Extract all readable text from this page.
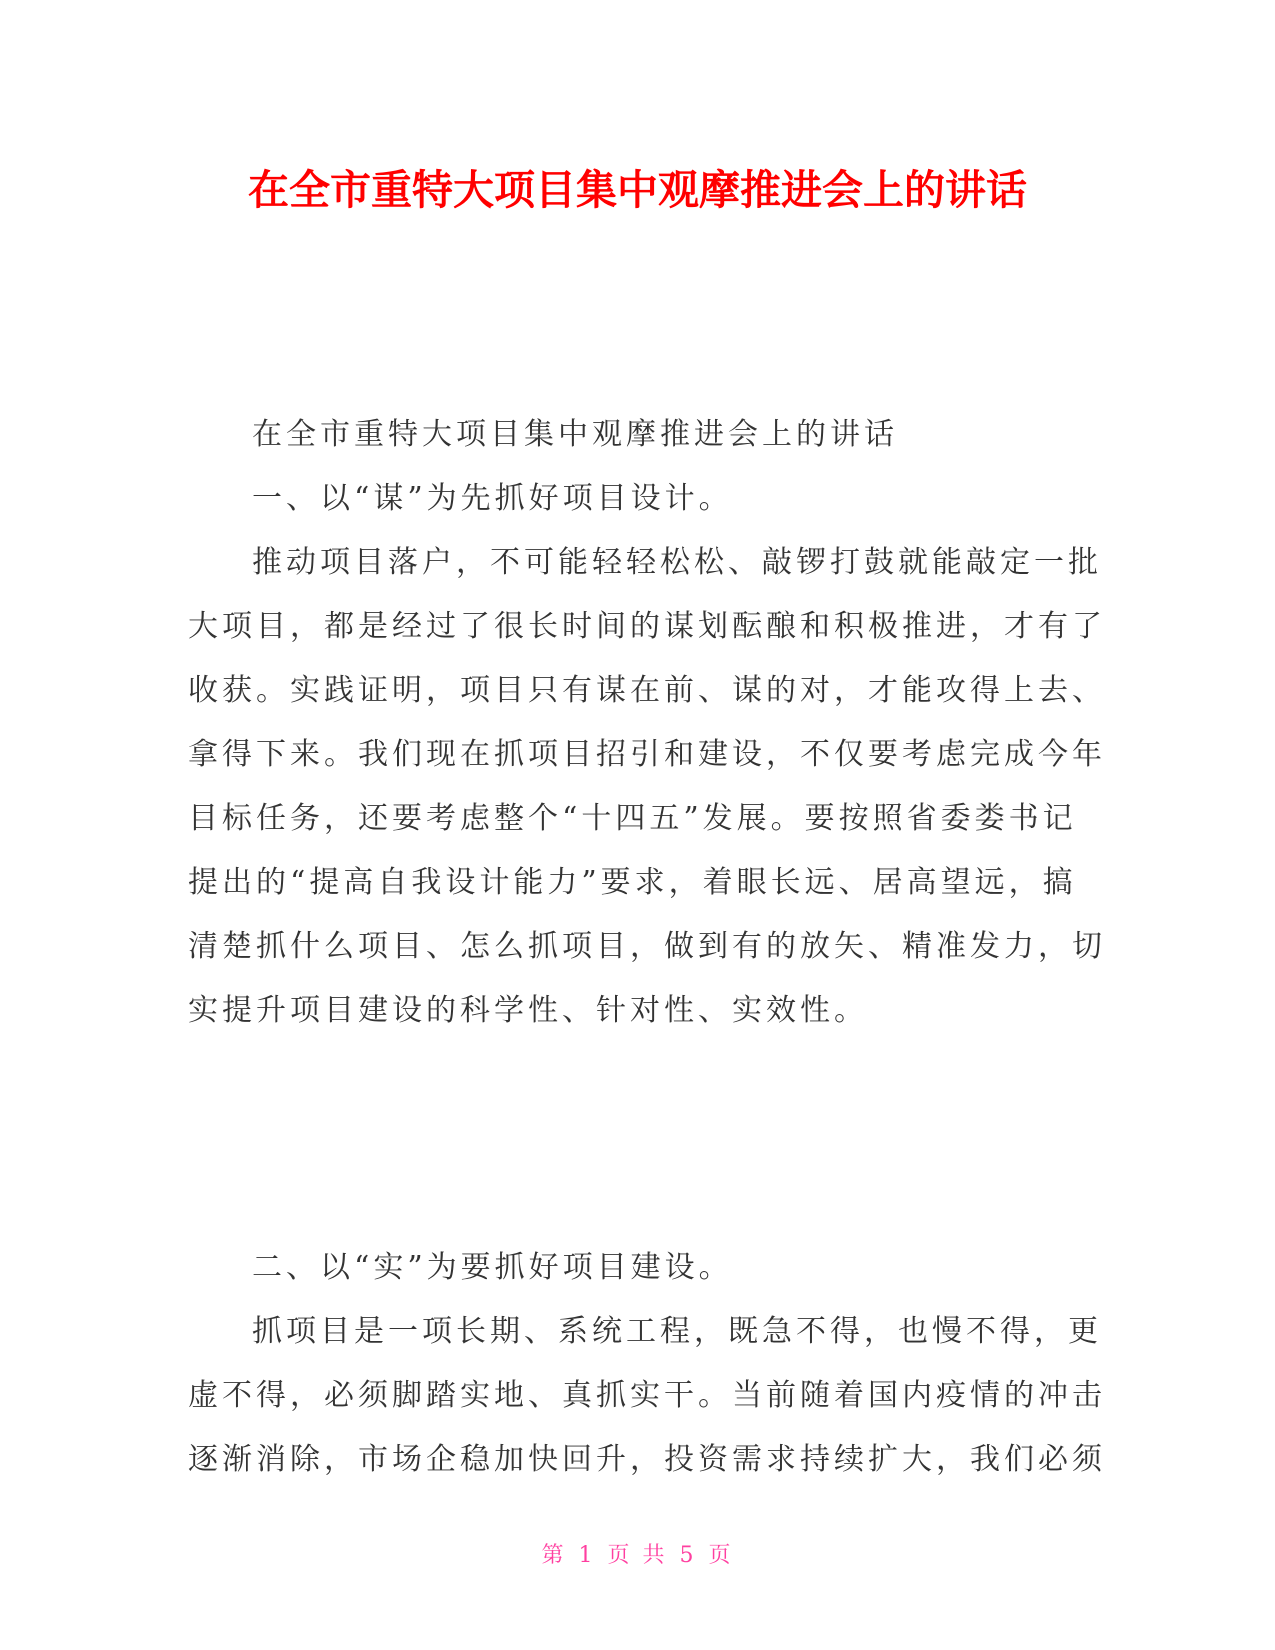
在全市重特大项目集中观摩推进会上的讲话
在全市重特大项目集中观摩推进会上的讲话
一、以“谋”为先抓好项目设计。
推动项目落户，不可能轻轻松松、敲锣打鼓就能敲定一批
大项目，都是经过了很长时间的谋划酝酿和积极推进，才有了
收获。实践证明，项目只有谋在前、谋的对，才能攻得上去、
拿得下来。我们现在抓项目招引和建设，不仅要考虑完成今年
目标任务，还要考虑整个“十四五”发展。要按照省委娄书记
提出的“提高自我设计能力”要求，着眼长远、居高望远，搞
清楚抓什么项目、怎么抓项目，做到有的放矢、精准发力，切
实提升项目建设的科学性、针对性、实效性。
二、以“实”为要抓好项目建设。
抓项目是一项长期、系统工程，既急不得，也慢不得，更
虚不得，必须脚踏实地、真抓实干。当前随着国内疫情的冲击
逐渐消除，市场企稳加快回升，投资需求持续扩大，我们必须
第 1 页 共 5 页
